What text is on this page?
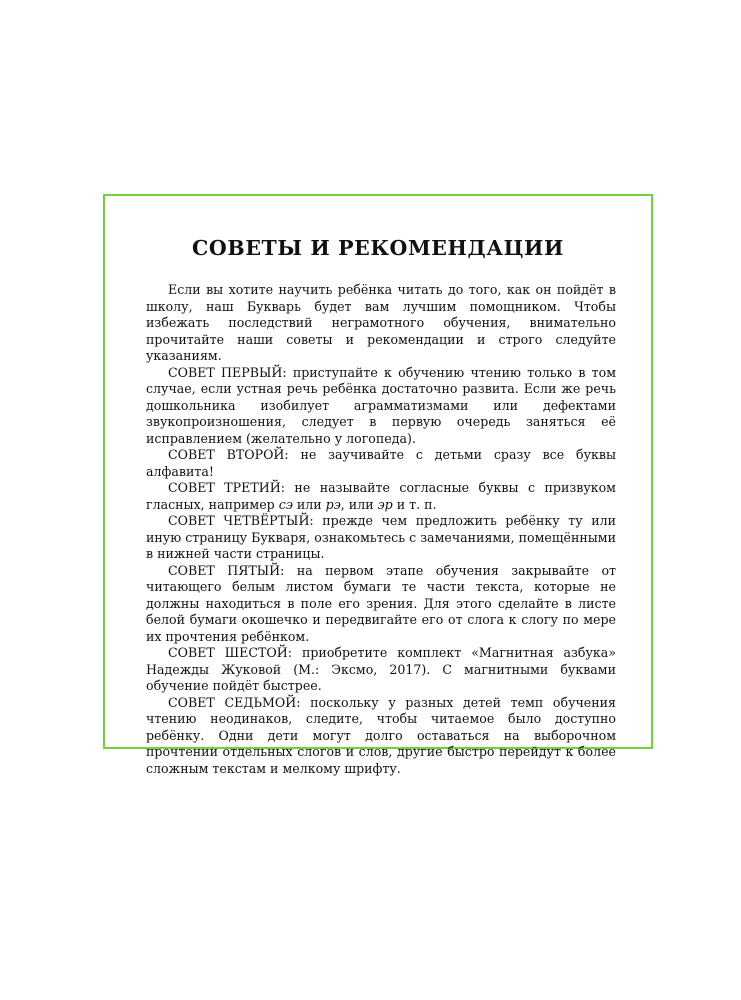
СОВЕТЫ И РЕКОМЕНДАЦИИ

Если вы хотите научить ребёнка читать до того, как он пойдёт в школу, наш Букварь будет вам лучшим помощником. Чтобы избежать последствий неграмотного обучения, внимательно прочитайте наши советы и рекомендации и строго следуйте указаниям.

СОВЕТ ПЕРВЫЙ: приступайте к обучению чтению только в том случае, если устная речь ребёнка достаточно развита. Если же речь дошкольника изобилует аграмматизмами или дефектами звукопроизношения, следует в первую очередь заняться её исправлением (желательно у логопеда).

СОВЕТ ВТОРОЙ: не заучивайте с детьми сразу все буквы алфавита!

СОВЕТ ТРЕТИЙ: не называйте согласные буквы с призвуком гласных, например сэ или рэ, или эр и т. п.

СОВЕТ ЧЕТВЁРТЫЙ: прежде чем предложить ребёнку ту или иную страницу Букваря, ознакомьтесь с замечаниями, помещёнными в нижней части страницы.

СОВЕТ ПЯТЫЙ: на первом этапе обучения закрывайте от читающего белым листом бумаги те части текста, которые не должны находиться в поле его зрения. Для этого сделайте в листе белой бумаги окошечко и передвигайте его от слога к слогу по мере их прочтения ребёнком.

СОВЕТ ШЕСТОЙ: приобретите комплект «Магнитная азбука» Надежды Жуковой (М.: Эксмо, 2017). С магнитными буквами обучение пойдёт быстрее.

СОВЕТ СЕДЬМОЙ: поскольку у разных детей темп обучения чтению неодинаков, следите, чтобы читаемое было доступно ребёнку. Одни дети могут долго оставаться на выборочном прочтении отдельных слогов и слов, другие быстро перейдут к более сложным текстам и мелкому шрифту.
